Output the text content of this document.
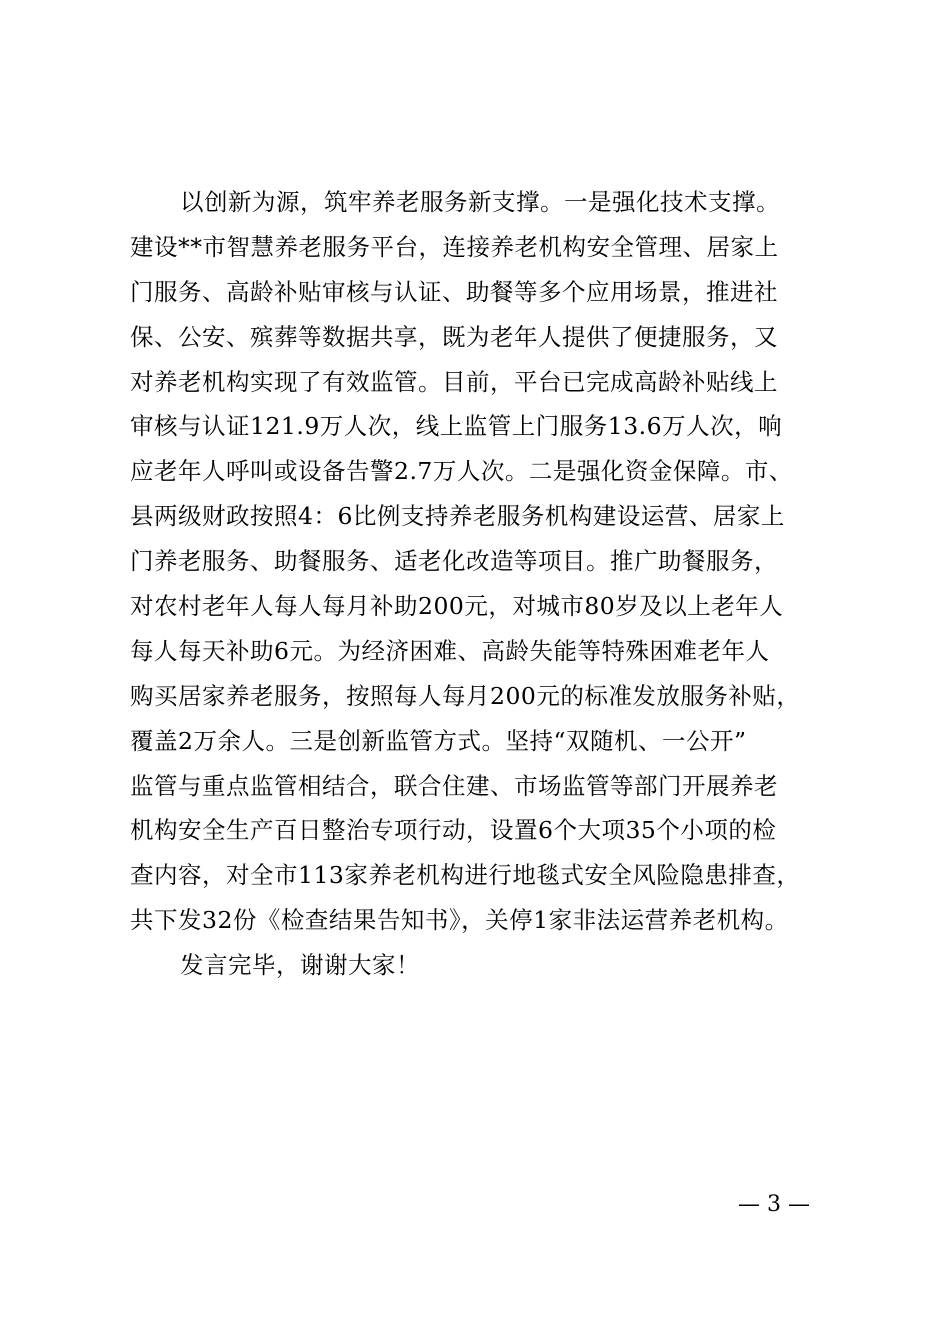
以创新为源，筑牢养老服务新支撑。一是强化技术支撑。
建设**市智慧养老服务平台，连接养老机构安全管理、居家上
门服务、高龄补贴审核与认证、助餐等多个应用场景，推进社
保、公安、殡葬等数据共享，既为老年人提供了便捷服务，又
对养老机构实现了有效监管。目前，平台已完成高龄补贴线上
审核与认证121.9万人次，线上监管上门服务13.6万人次，响
应老年人呼叫或设备告警2.7万人次。二是强化资金保障。市、
县两级财政按照4：6比例支持养老服务机构建设运营、居家上
门养老服务、助餐服务、适老化改造等项目。推广助餐服务，
对农村老年人每人每月补助200元，对城市80岁及以上老年人
每人每天补助6元。为经济困难、高龄失能等特殊困难老年人
购买居家养老服务，按照每人每月200元的标准发放服务补贴，
覆盖2万余人。三是创新监管方式。坚持“双随机、一公开”
监管与重点监管相结合，联合住建、市场监管等部门开展养老
机构安全生产百日整治专项行动，设置6个大项35个小项的检
查内容，对全市113家养老机构进行地毯式安全风险隐患排查，
共下发32份《检查结果告知书》，关停1家非法运营养老机构。
发言完毕，谢谢大家！
— 3 —
